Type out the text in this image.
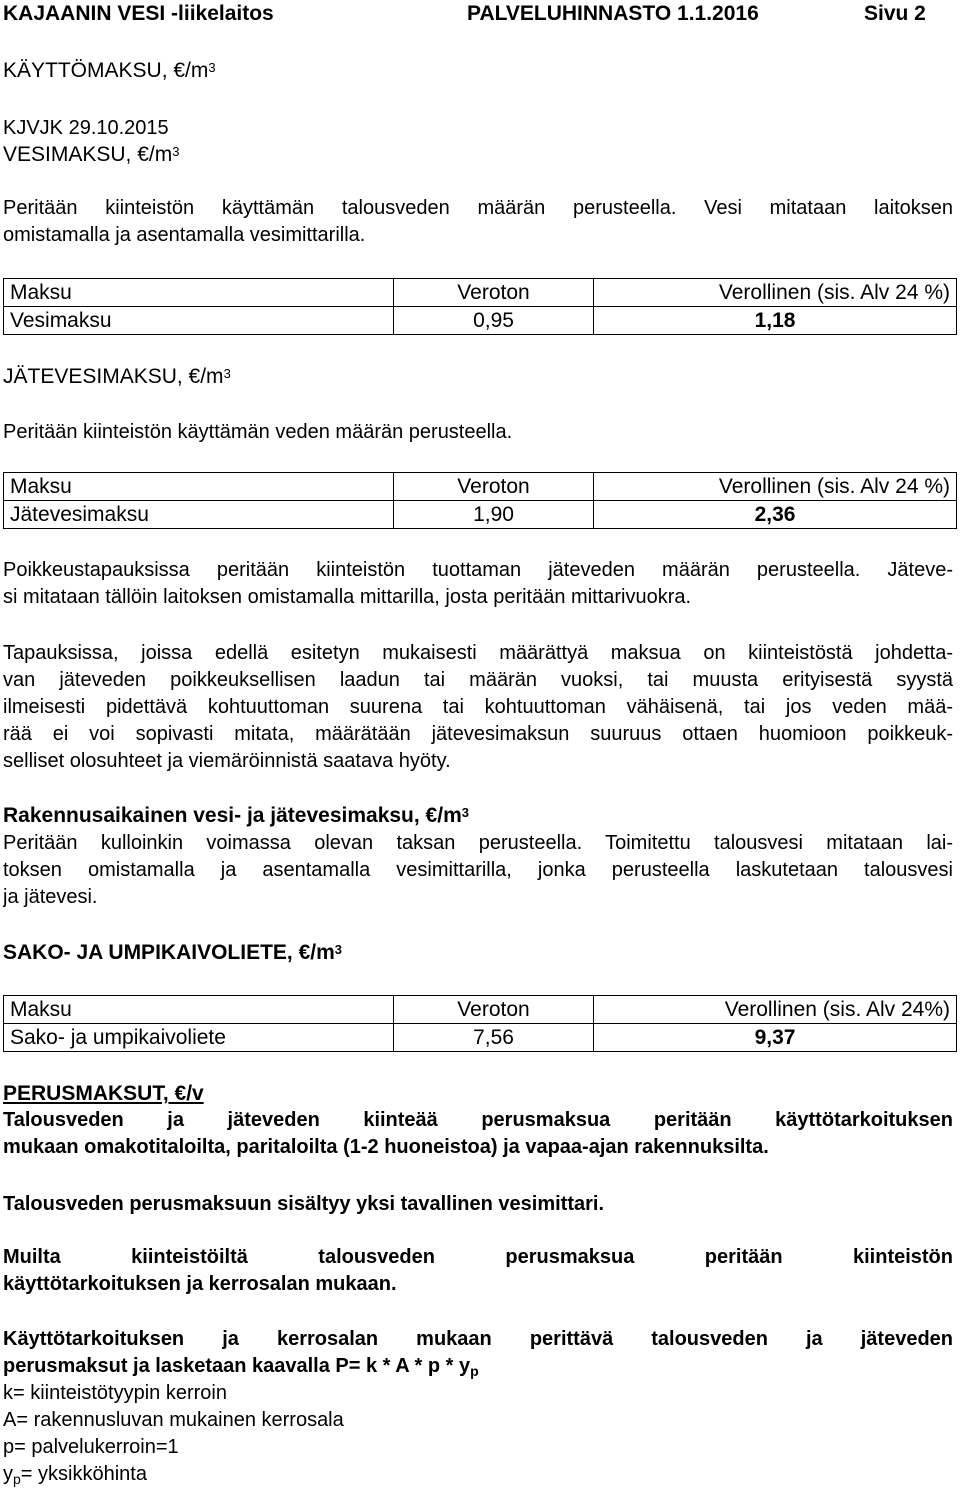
KAJAANIN VESI -liikelaitos	PALVELUHINNASTO 1.1.2016	Sivu 2
KÄYTTÖMAKSU, $€/m^3$
KJVJK 29.10.2015
VESIMAKSU, $€/m^3$
Peritään kiinteistön käyttämän talousveden määrän perusteella. Vesi mitataan laitoksen
omistamalla ja asentamalla vesimittarilla.
Maksu	Veroton	Verollinen (sis. Alv 24 %)
Vesimaksu	0,95	1,18
JÄTEVESIMAKSU, $€/m^3$
Peritään kiinteistön käyttämän veden määrän perusteella.
Maksu	Veroton	Verollinen (sis. Alv 24 %)
Jätevesimaksu	1,90	2,36
Poikkeustapauksissa peritään kiinteistön tuottaman jäteveden määrän perusteella. Jäteve-
si mitataan tällöin laitoksen omistamalla mittarilla, josta peritään mittarivuokra.
Tapauksissa, joissa edellä esitetyn mukaisesti määrättyä maksua on kiinteistöstä johdetta-
van jäteveden poikkeuksellisen laadun tai määrän vuoksi, tai muusta erityisestä syystä
ilmeisesti pidettävä kohtuuttoman suurena tai kohtuuttoman vähäisenä, tai jos veden mää-
rää ei voi sopivasti mitata, määrätään jätevesimaksun suuruus ottaen huomioon poikkeuk-
selliset olosuhteet ja viemäröinnistä saatava hyöty.
Rakennusaikainen vesi- ja jätevesimaksu, $€/m^3$
Peritään kulloinkin voimassa olevan taksan perusteella. Toimitettu talousvesi mitataan lai-
toksen omistamalla ja asentamalla vesimittarilla, jonka perusteella laskutetaan talousvesi
ja jätevesi.
SAKO- JA UMPIKAIVOLIETE, $€/m^3$
Maksu	Veroton	Verollinen (sis. Alv 24%)
Sako- ja umpikaivoliete	7,56	9,37
PERUSMAKSUT, €/v
Talousveden ja jäteveden kiinteää perusmaksua peritään käyttötarkoituksen
mukaan omakotitaloilta, paritaloilta (1-2 huoneistoa) ja vapaa-ajan rakennuksilta.
Talousveden perusmaksuun sisältyy yksi tavallinen vesimittari.
Muilta kiinteistöiltä talousveden perusmaksua peritään kiinteistön
käyttötarkoituksen ja kerrosalan mukaan.
Käyttötarkoituksen ja kerrosalan mukaan perittävä talousveden ja jäteveden
perusmaksut ja lasketaan kaavalla $P= k * A * p * y_p$
k= kiinteistötyypin kerroin
A= rakennusluvan mukainen kerrosala
p= palvelukerroin=1
$y_p=$ yksikköhinta
